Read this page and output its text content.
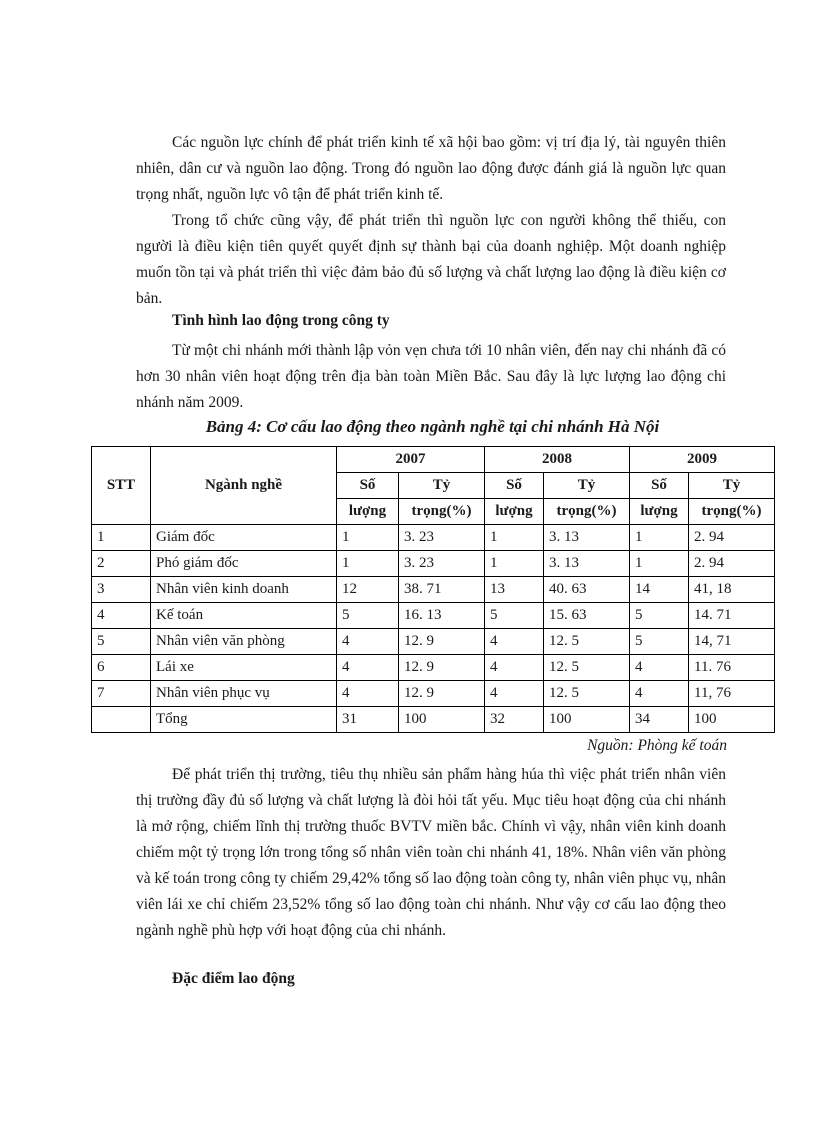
Các nguồn lực chính để phát triển kinh tế xã hội bao gồm: vị trí địa lý, tài nguyên thiên nhiên, dân cư và nguồn lao động. Trong đó nguồn lao động được đánh giá là nguồn lực quan trọng nhất, nguồn lực vô tận để phát triển kinh tế.

Trong tổ chức cũng vậy, để phát triển thì nguồn lực con người không thể thiếu, con người là điều kiện tiên quyết quyết định sự thành bại của doanh nghiệp. Một doanh nghiệp muốn tồn tại và phát triển thì việc đảm bảo đủ số lượng và chất lượng lao động là điều kiện cơ bản.

Tình hình lao động trong công ty

Từ một chi nhánh mới thành lập vỏn vẹn chưa tới 10 nhân viên, đến nay chi nhánh đã có hơn 30 nhân viên hoạt động trên địa bàn toàn Miền Bắc. Sau đây là lực lượng lao động chi nhánh năm 2009.

Bảng 4: Cơ cấu lao động theo ngành nghề tại chi nhánh Hà Nội

STT	Ngành nghề	2007		2008		2009	
		Số	Tỷ	Số	Tỷ	Số	Tỷ
		lượng	trọng(%)	lượng	trọng(%)	lượng	trọng(%)
1	Giám đốc	1	3. 23	1	3. 13	1	2. 94
2	Phó giám đốc	1	3. 23	1	3. 13	1	2. 94
3	Nhân viên kinh doanh	12	38. 71	13	40. 63	14	41, 18
4	Kế toán	5	16. 13	5	15. 63	5	14. 71
5	Nhân viên văn phòng	4	12. 9	4	12. 5	5	14, 71
6	Lái xe	4	12. 9	4	12. 5	4	11. 76
7	Nhân viên phục vụ	4	12. 9	4	12. 5	4	11, 76
	Tổng	31	100	32	100	34	100

Nguồn: Phòng kế toán

Để phát triển thị trường, tiêu thụ nhiều sản phẩm hàng húa thì việc phát triển nhân viên thị trường đầy đủ số lượng và chất lượng là đòi hỏi tất yếu. Mục tiêu hoạt động của chi nhánh là mở rộng, chiếm lĩnh thị trường thuốc BVTV miền bắc. Chính vì vậy, nhân viên kinh doanh chiếm một tỷ trọng lớn trong tổng số nhân viên toàn chi nhánh 41, 18%. Nhân viên văn phòng và kế toán trong công ty chiếm 29,42% tổng số lao động toàn công ty, nhân viên phục vụ, nhân viên lái xe chỉ chiếm 23,52% tổng số lao động toàn chi nhánh. Như vậy cơ cấu lao động theo ngành nghề phù hợp với hoạt động của chi nhánh.

Đặc điểm lao động
